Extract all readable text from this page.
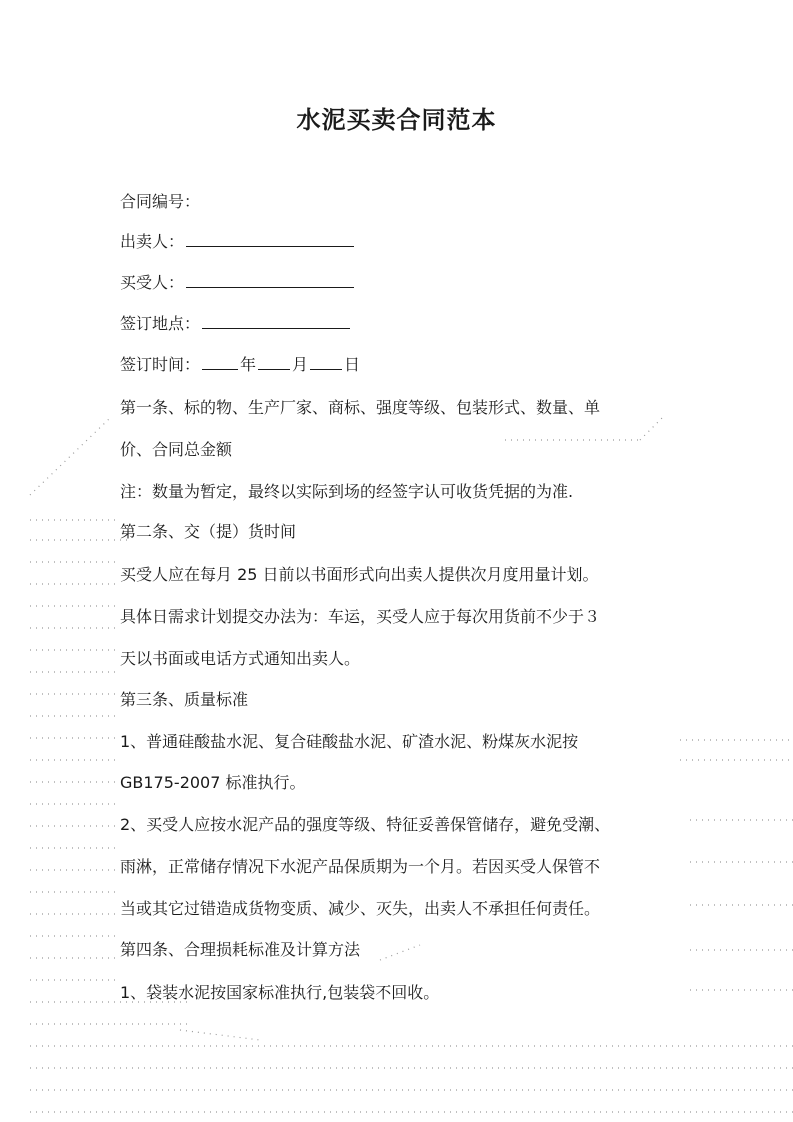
水泥买卖合同范本
合同编号：
出卖人：
买受人：
签订地点：
签订时间：	年 月 日
第一条、标的物、生产厂家、商标、强度等级、包装形式、数量、单
价、合同总金额
注：数量为暂定，最终以实际到场的经签字认可收货凭据的为准.
第二条、交（提）货时间
买受人应在每月 25 日前以书面形式向出卖人提供次月度用量计划。
具体日需求计划提交办法为：车运，买受人应于每次用货前不少于３
天以书面或电话方式通知出卖人。
第三条、质量标准
1、普通硅酸盐水泥、复合硅酸盐水泥、矿渣水泥、粉煤灰水泥按
GB175-2007 标准执行。
2、买受人应按水泥产品的强度等级、特征妥善保管储存，避免受潮、
雨淋，正常储存情况下水泥产品保质期为一个月。若因买受人保管不
当或其它过错造成货物变质、减少、灭失，出卖人不承担任何责任。
第四条、合理损耗标准及计算方法
1、袋装水泥按国家标准执行,包装袋不回收。
